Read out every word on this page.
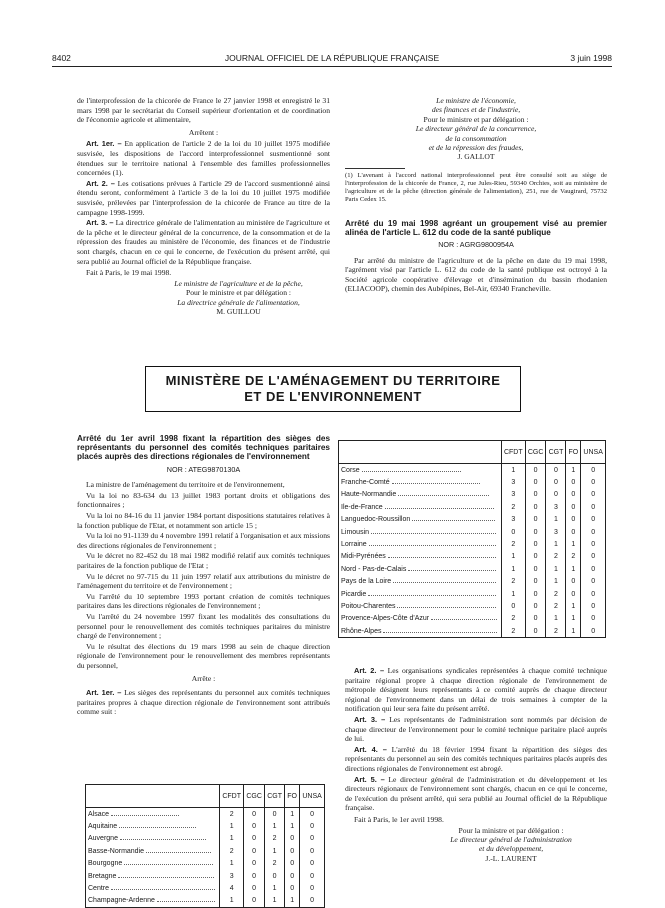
8402	JOURNAL OFFICIEL DE LA RÉPUBLIQUE FRANÇAISE	3 juin 1998

de l'interprofession de la chicorée de France le 27 janvier 1998 et enregistré le 31 mars 1998 par le secrétariat du Conseil supérieur d'orientation et de coordination de l'économie agricole et alimentaire,

Arrêtent :

Art. 1er. – En application de l'article 2 de la loi du 10 juillet 1975 modifiée susvisée, les dispositions de l'accord interprofessionnel susmentionné sont étendues sur le territoire national à l'ensemble des familles professionnelles concernées (1).

Art. 2. – Les cotisations prévues à l'article 29 de l'accord susmentionné ainsi étendu seront, conformément à l'article 3 de la loi du 10 juillet 1975 modifiée susvisée, prélevées par l'interprofession de la chicorée de France au titre de la campagne 1998-1999.

Art. 3. – La directrice générale de l'alimentation au ministère de l'agriculture et de la pêche et le directeur général de la concurrence, de la consommation et de la répression des fraudes au ministère de l'économie, des finances et de l'industrie sont chargés, chacun en ce qui le concerne, de l'exécution du présent arrêté, qui sera publié au Journal officiel de la République française.

Fait à Paris, le 19 mai 1998.

Le ministre de l'agriculture et de la pêche,
Pour le ministre et par délégation :
La directrice générale de l'alimentation,
M. GUILLOU
Le ministre de l'économie,
des finances et de l'industrie,
Pour le ministre et par délégation :
Le directeur général de la concurrence,
de la consommation
et de la répression des fraudes,
J. GALLOT
(1) L'avenant à l'accord national interprofessionnel peut être consulté soit au siège de l'interprofession de la chicorée de France, 2, rue Jules-Rieu, 59340 Orchies, soit au ministère de l'agriculture et de la pêche (direction générale de l'alimentation), 251, rue de Vaugirard, 75732 Paris Cedex 15.
Arrêté du 19 mai 1998 agréant un groupement visé au premier alinéa de l'article L. 612 du code de la santé publique
NOR : AGRG9800954A

Par arrêté du ministre de l'agriculture et de la pêche en date du 19 mai 1998, l'agrément visé par l'article L. 612 du code de la santé publique est octroyé à la Société agricole coopérative d'élevage et d'insémination du bassin rhodanien (ELIACOOP), chemin des Aubépines, Bel-Air, 69340 Francheville.

MINISTÈRE DE L'AMÉNAGEMENT DU TERRITOIRE
ET DE L'ENVIRONNEMENT
Arrêté du 1er avril 1998 fixant la répartition des sièges des représentants du personnel des comités techniques paritaires placés auprès des directions régionales de l'environnement
NOR : ATEG9870130A

La ministre de l'aménagement du territoire et de l'environnement,

Vu la loi no 83-634 du 13 juillet 1983 portant droits et obligations des fonctionnaires ;

Vu la loi no 84-16 du 11 janvier 1984 portant dispositions statutaires relatives à la fonction publique de l'Etat, et notamment son article 15 ;

Vu la loi no 91-1139 du 4 novembre 1991 relatif à l'organisation et aux missions des directions régionales de l'environnement ;

Vu le décret no 82-452 du 18 mai 1982 modifié relatif aux comités techniques paritaires de la fonction publique de l'Etat ;

Vu le décret no 97-715 du 11 juin 1997 relatif aux attributions du ministre de l'aménagement du territoire et de l'environnement ;

Vu l'arrêté du 10 septembre 1993 portant création de comités techniques paritaires dans les directions régionales de l'environnement ;

Vu l'arrêté du 24 novembre 1997 fixant les modalités des consultations du personnel pour le renouvellement des comités techniques paritaires du ministre chargé de l'environnement ;

Vu le résultat des élections du 19 mars 1998 au sein de chaque direction régionale de l'environnement pour le renouvellement des membres représentants du personnel,

Arrête :

Art. 1er. – Les sièges des représentants du personnel aux comités techniques paritaires propres à chaque direction régionale de l'environnement sont attribués comme suit :

	CFDT	CGC	CGT	FO	UNSA
Alsace	2	0	0	1	0
Aquitaine	1	0	1	1	0
Auvergne	1	0	2	0	0
Basse-Normandie	2	0	1	0	0
Bourgogne	1	0	2	0	0
Bretagne	3	0	0	0	0
Centre	4	0	1	0	0
Champagne-Ardenne	1	0	1	1	0
	CFDT	CGC	CGT	FO	UNSA
Corse	1	0	0	1	0
Franche-Comté	3	0	0	0	0
Haute-Normandie	3	0	0	0	0
Ile-de-France	2	0	3	0	0
Languedoc-Roussillon	3	0	1	0	0
Limousin	0	0	3	0	0
Lorraine	2	0	1	1	0
Midi-Pyrénées	1	0	2	2	0
Nord - Pas-de-Calais	1	0	1	1	0
Pays de la Loire	2	0	1	0	0
Picardie	1	0	2	0	0
Poitou-Charentes	0	0	2	1	0
Provence-Alpes-Côte d'Azur	2	0	1	1	0
Rhône-Alpes	2	0	2	1	0

Art. 2. – Les organisations syndicales représentées à chaque comité technique paritaire régional propre à chaque direction régionale de l'environnement de métropole désignent leurs représentants à ce comité auprès de chaque directeur régional de l'environnement dans un délai de trois semaines à compter de la notification qui leur sera faite du présent arrêté.

Art. 3. – Les représentants de l'administration sont nommés par décision de chaque directeur de l'environnement pour le comité technique paritaire placé auprès de lui.

Art. 4. – L'arrêté du 18 février 1994 fixant la répartition des sièges des représentants du personnel au sein des comités techniques paritaires placés auprès des directions régionales de l'environnement est abrogé.

Art. 5. – Le directeur général de l'administration et du développement et les directeurs régionaux de l'environnement sont chargés, chacun en ce qui le concerne, de l'exécution du présent arrêté, qui sera publié au Journal officiel de la République française.

Fait à Paris, le 1er avril 1998.

Pour la ministre et par délégation :
Le directeur général de l'administration
et du développement,
J.-L. LAURENT
